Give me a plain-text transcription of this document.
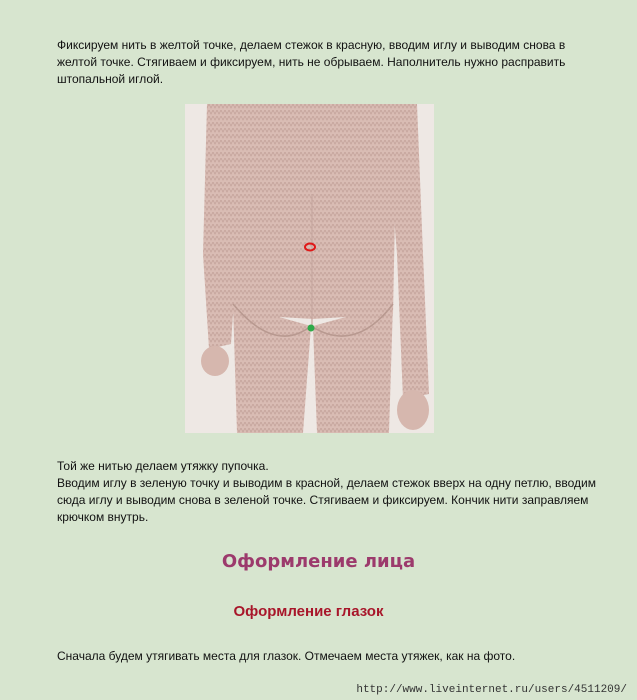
Фиксируем нить в желтой точке, делаем стежок в красную, вводим иглу и выводим снова в желтой точке. Стягиваем и фиксируем, нить не обрываем. Наполнитель нужно расправить штопальной иглой.

Той же нитью делаем утяжку пупочка.
Вводим иглу в зеленую точку и выводим в красной, делаем стежок вверх на одну петлю, вводим сюда иглу и выводим снова в зеленой точке. Стягиваем и фиксируем. Кончик нити заправляем крючком внутрь.
Оформление лица
Оформление глазок

Сначала будем утягивать места для глазок. Отмечаем места утяжек, как на фото.

http://www.liveinternet.ru/users/4511209/
